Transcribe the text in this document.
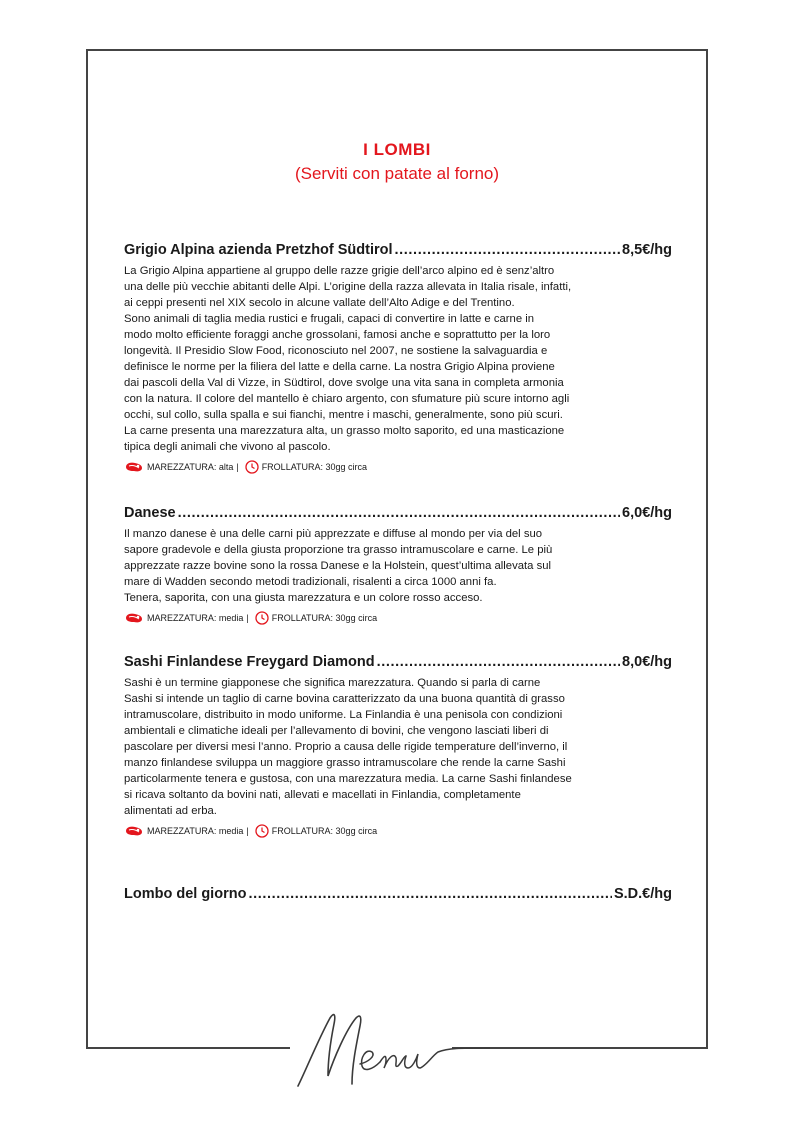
I LOMBI
(Serviti con patate al forno)
Grigio Alpina azienda Pretzhof Südtirol .....	8,5€/hg
La Grigio Alpina appartiene al gruppo delle razze grigie dell’arco alpino ed è senz’altro
una delle più vecchie abitanti delle Alpi. L’origine della razza allevata in Italia risale, infatti,
ai ceppi presenti nel XIX secolo in alcune vallate dell’Alto Adige e del Trentino.
Sono animali di taglia media rustici e frugali, capaci di convertire in latte e carne in
modo molto efficiente foraggi anche grossolani, famosi anche e soprattutto per la loro
longevità. Il Presidio Slow Food, riconosciuto nel 2007, ne sostiene la salvaguardia e
definisce le norme per la filiera del latte e della carne. La nostra Grigio Alpina proviene
dai pascoli della Val di Vizze, in Südtirol, dove svolge una vita sana in completa armonia
con la natura. Il colore del mantello è chiaro argento, con sfumature più scure intorno agli
occhi, sul collo, sulla spalla e sui fianchi, mentre i maschi, generalmente, sono più scuri.
La carne presenta una marezzatura alta, un grasso molto saporito, ed una masticazione
tipica degli animali che vivono al pascolo.
MAREZZATURA: alta |	FROLLATURA: 30gg circa
Danese .....	6,0€/hg
Il manzo danese è una delle carni più apprezzate e diffuse al mondo per via del suo
sapore gradevole e della giusta proporzione tra grasso intramuscolare e carne. Le più
apprezzate razze bovine sono la rossa Danese e la Holstein, quest’ultima allevata sul
mare di Wadden secondo metodi tradizionali, risalenti a circa 1000 anni fa.
Tenera, saporita, con una giusta marezzatura e un colore rosso acceso.
MAREZZATURA: media |	FROLLATURA: 30gg circa
Sashi Finlandese Freygard Diamond .....	8,0€/hg
Sashi è un termine giapponese che significa marezzatura. Quando si parla di carne
Sashi si intende un taglio di carne bovina caratterizzato da una buona quantità di grasso
intramuscolare, distribuito in modo uniforme. La Finlandia è una penisola con condizioni
ambientali e climatiche ideali per l’allevamento di bovini, che vengono lasciati liberi di
pascolare per diversi mesi l’anno. Proprio a causa delle rigide temperature dell’inverno, il
manzo finlandese sviluppa un maggiore grasso intramuscolare che rende la carne Sashi
particolarmente tenera e gustosa, con una marezzatura media. La carne Sashi finlandese
si ricava soltanto da bovini nati, allevati e macellati in Finlandia, completamente
alimentati ad erba.
MAREZZATURA: media |	FROLLATURA: 30gg circa
Lombo del giorno .....	S.D.€/hg
